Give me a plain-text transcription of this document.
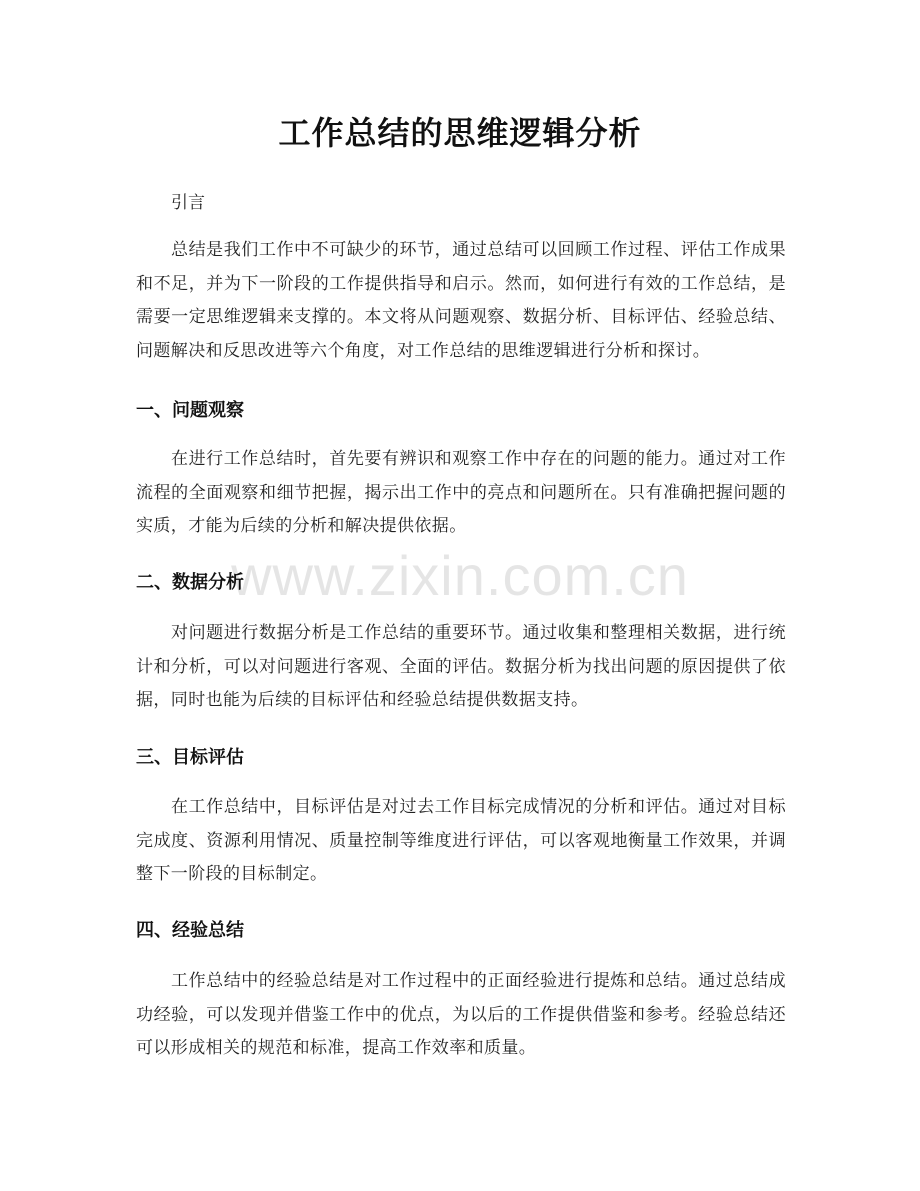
工作总结的思维逻辑分析

引言

总结是我们工作中不可缺少的环节，通过总结可以回顾工作过程、评估工作成果和不足，并为下一阶段的工作提供指导和启示。然而，如何进行有效的工作总结，是需要一定思维逻辑来支撑的。本文将从问题观察、数据分析、目标评估、经验总结、问题解决和反思改进等六个角度，对工作总结的思维逻辑进行分析和探讨。

一、问题观察

在进行工作总结时，首先要有辨识和观察工作中存在的问题的能力。通过对工作流程的全面观察和细节把握，揭示出工作中的亮点和问题所在。只有准确把握问题的实质，才能为后续的分析和解决提供依据。

二、数据分析

对问题进行数据分析是工作总结的重要环节。通过收集和整理相关数据，进行统计和分析，可以对问题进行客观、全面的评估。数据分析为找出问题的原因提供了依据，同时也能为后续的目标评估和经验总结提供数据支持。

三、目标评估

在工作总结中，目标评估是对过去工作目标完成情况的分析和评估。通过对目标完成度、资源利用情况、质量控制等维度进行评估，可以客观地衡量工作效果，并调整下一阶段的目标制定。

四、经验总结

工作总结中的经验总结是对工作过程中的正面经验进行提炼和总结。通过总结成功经验，可以发现并借鉴工作中的优点，为以后的工作提供借鉴和参考。经验总结还可以形成相关的规范和标准，提高工作效率和质量。

www.zixin.com.cn
